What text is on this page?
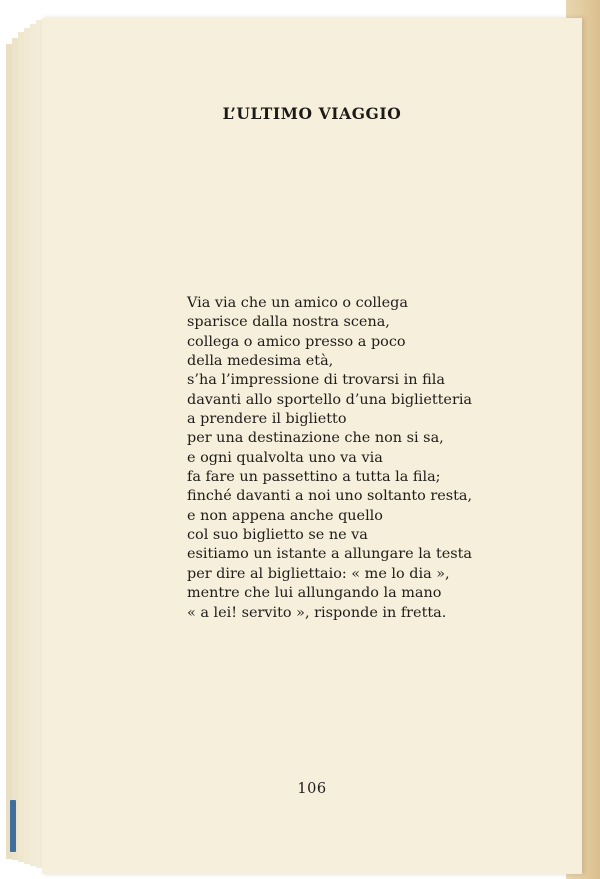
L’ULTIMO VIAGGIO
Via via che un amico o collega
sparisce dalla nostra scena,
collega o amico presso a poco
della medesima età,
s’ha l’impressione di trovarsi in fila
davanti allo sportello d’una biglietteria
a prendere il biglietto
per una destinazione che non si sa,
e ogni qualvolta uno va via
fa fare un passettino a tutta la fila;
finché davanti a noi uno soltanto resta,
e non appena anche quello
col suo biglietto se ne va
esitiamo un istante a allungare la testa
per dire al bigliettaio: « me lo dia »,
mentre che lui allungando la mano
« a lei! servito », risponde in fretta.
106
